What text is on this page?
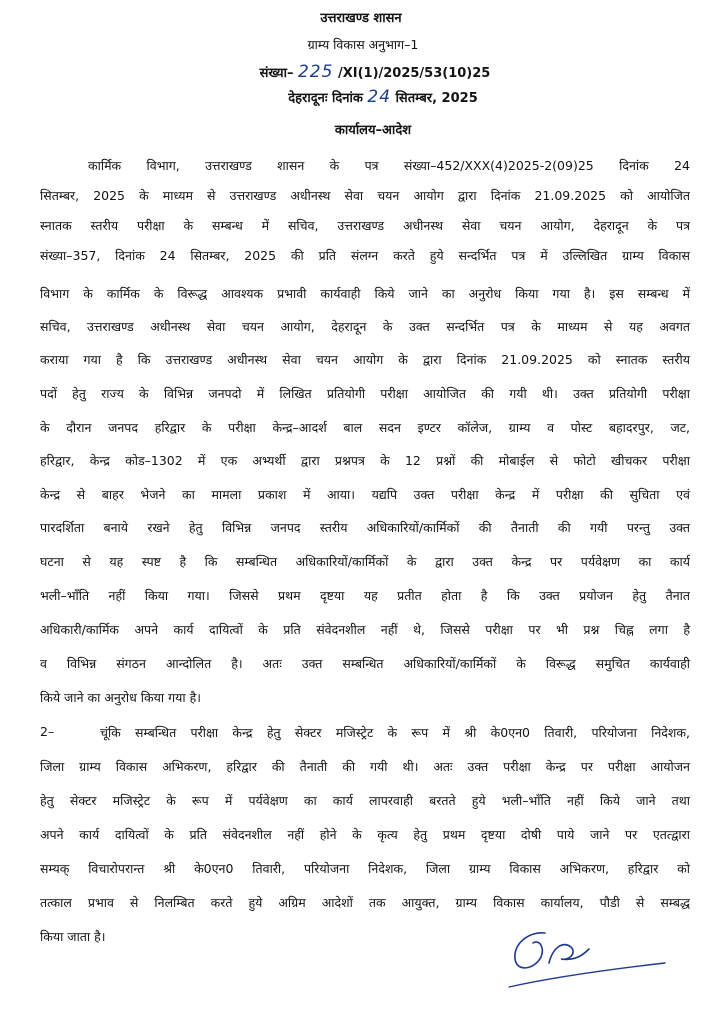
उत्तराखण्ड शासन
ग्राम्य विकास अनुभाग–1
संख्या– 225 /XI(1)/2025/53(10)25
देहरादूनः दिनांक 24 सितम्बर, 2025
कार्यालय–आदेश
कार्मिक विभाग, उत्तराखण्ड शासन के पत्र संख्या–452/XXX(4)2025-2(09)25 दिनांक 24
सितम्बर, 2025 के माध्यम से उत्तराखण्ड अधीनस्थ सेवा चयन आयोग द्वारा दिनांक 21.09.2025 को आयोजित
स्नातक स्तरीय परीक्षा के सम्बन्ध में सचिव, उत्तराखण्ड अधीनस्थ सेवा चयन आयोग, देहरादून के पत्र
संख्या–357, दिनांक 24 सितम्बर, 2025 की प्रति संलग्न करते हुये सन्दर्भित पत्र में उल्लिखित ग्राम्य विकास
विभाग के कार्मिक के विरूद्ध आवश्यक प्रभावी कार्यवाही किये जाने का अनुरोध किया गया है। इस सम्बन्ध में
सचिव, उत्तराखण्ड अधीनस्थ सेवा चयन आयोग, देहरादून के उक्त सन्दर्भित पत्र के माध्यम से यह अवगत
कराया गया है कि उत्तराखण्ड अधीनस्थ सेवा चयन आयोग के द्वारा दिनांक 21.09.2025 को स्नातक स्तरीय
पदों हेतु राज्य के विभिन्न जनपदो में लिखित प्रतियोगी परीक्षा आयोजित की गयी थी। उक्त प्रतियोगी परीक्षा
के दौरान जनपद हरिद्वार के परीक्षा केन्द्र–आदर्श बाल सदन इण्टर कॉलेज, ग्राम्य व पोस्ट बहादरपुर, जट,
हरिद्वार, केन्द्र कोड–1302 में एक अभ्यर्थी द्वारा प्रश्नपत्र के 12 प्रश्नों की मोबाईल से फोटो खीचकर परीक्षा
केन्द्र से बाहर भेजने का मामला प्रकाश में आया। यद्यपि उक्त परीक्षा केन्द्र में परीक्षा की सुचिता एवं
पारदर्शिता बनाये रखने हेतु विभिन्न जनपद स्तरीय अधिकारियों/कार्मिकों की तैनाती की गयी परन्तु उक्त
घटना से यह स्पष्ट है कि सम्बन्धित अधिकारियों/कार्मिकों के द्वारा उक्त केन्द्र पर पर्यवेक्षण का कार्य
भली–भाँति नहीं किया गया। जिससे प्रथम दृष्टया यह प्रतीत होता है कि उक्त प्रयोजन हेतु तैनात
अधिकारी/कार्मिक अपने कार्य दायित्वों के प्रति संवेदनशील नहीं थे, जिससे परीक्षा पर भी प्रश्न चिह्न लगा है
व विभिन्न संगठन आन्दोलित है। अतः उक्त सम्बन्धित अधिकारियों/कार्मिकों के विरूद्ध समुचित कार्यवाही
किये जाने का अनुरोध किया गया है।
2–	चूंकि सम्बन्धित परीक्षा केन्द्र हेतु सेक्टर मजिस्ट्रेट के रूप में श्री के0एन0 तिवारी, परियोजना निदेशक,
जिला ग्राम्य विकास अभिकरण, हरिद्वार की तैनाती की गयी थी। अतः उक्त परीक्षा केन्द्र पर परीक्षा आयोजन
हेतु सेक्टर मजिस्ट्रेट के रूप में पर्यवेक्षण का कार्य लापरवाही बरतते हुये भली–भाँति नहीं किये जाने तथा
अपने कार्य दायित्वों के प्रति संवेदनशील नहीं होने के कृत्य हेतु प्रथम दृष्टया दोषी पाये जाने पर एतत्द्वारा
सम्यक् विचारोपरान्त श्री के0एन0 तिवारी, परियोजना निदेशक, जिला ग्राम्य विकास अभिकरण, हरिद्वार को
तत्काल प्रभाव से निलम्बित करते हुये अग्रिम आदेशों तक आयुक्त, ग्राम्य विकास कार्यालय, पौडी से सम्बद्ध
किया जाता है।
